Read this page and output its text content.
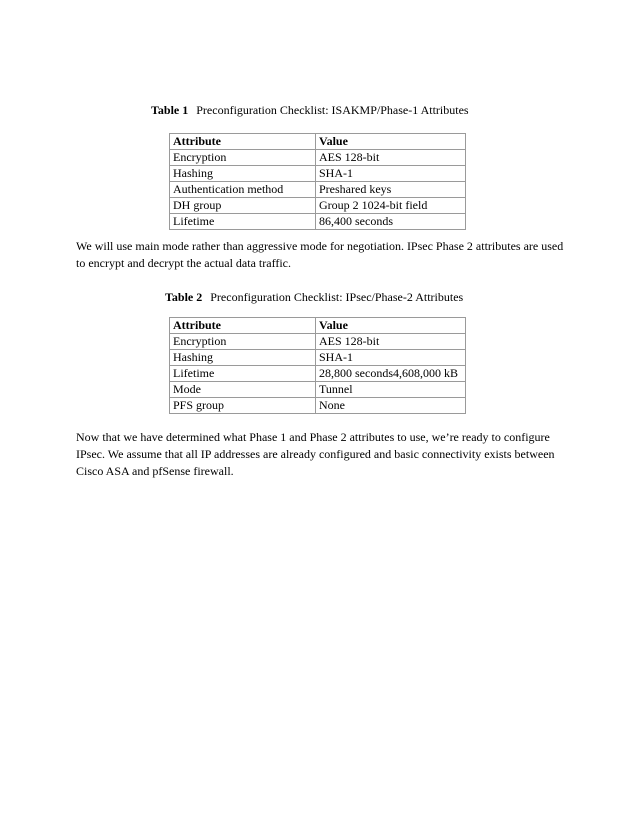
Table 1 Preconfiguration Checklist: ISAKMP/Phase-1 Attributes
Attribute	Value
Encryption	AES 128-bit
Hashing	SHA-1
Authentication method	Preshared keys
DH group	Group 2 1024-bit field
Lifetime	86,400 seconds

We will use main mode rather than aggressive mode for negotiation. IPsec Phase 2 attributes are used to encrypt and decrypt the actual data traffic.

Table 2 Preconfiguration Checklist: IPsec/Phase-2 Attributes
Attribute	Value
Encryption	AES 128-bit
Hashing	SHA-1
Lifetime	28,800 seconds4,608,000 kB
Mode	Tunnel
PFS group	None

Now that we have determined what Phase 1 and Phase 2 attributes to use, we’re ready to configure IPsec. We assume that all IP addresses are already configured and basic connectivity exists between Cisco ASA and pfSense firewall.
